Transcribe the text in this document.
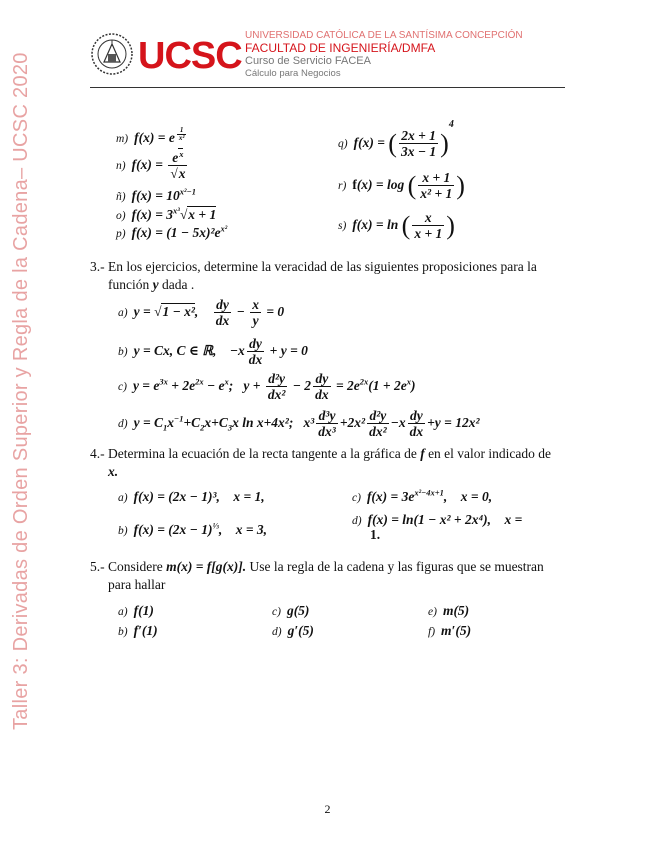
Taller 3: Derivadas de Orden Superior y Regla de la Cadena– UCSC 2020	UCSC UNIVERSIDAD CATÓLICA DE LA SANTÍSIMA CONCEPCIÓN
FACULTAD DE INGENIERÍA/DMFA
Curso de Servicio FACEA
Cálculo para Negocios
m) f(x) = e $^{\frac{1}{\text{x²}}}$
n) $f(x) = \frac{e^x}{√x}$
ñ) $f(x) = 10^{x^2-1}$
o) $f(x) = 3^{x^3}√x + 1$
p) $f(x) = (1 - 5x)^2e^{x^2}$
q) f(x) = ( $\frac{2x + 1}{3x - 1} )^4$
r) f(x) = log ( $\frac{x + 1}{\text{x² + 1}}$ )
s) f(x) = ln ( $\frac{x}{x + 1}$ )
3.- En los ejercicios, determine la veracidad de las siguientes proposiciones para la
función y dada .
a) y = √1 − x², $\frac{dy}{dx} - \frac{x}{y} = 0$
b) y = Cx, C ∈ ℝ,    $-x \frac{dy}{dx} + y = 0$
c) $y = e^{3x} + 2e^{2x} - e^x$;   $y + \frac{\text{d²y}}{\text{dx²}} - 2 \frac{dy}{dx} = 2e^{2x}(1 + 2e^x)$
d) $y = C_1x^{-1}+C_2x+C_3x$ ln x+4x²;   $x^3 \frac{\text{d³y}}{\text{dx³}} +2x^2 \frac{\text{d²y}}{\text{dx²}} -x \frac{dy}{dx} +y = 12x^2$
4.- Determina la ecuación de la recta tangente a la gráfica de f en el valor indicado de
x.
a) f(x) = (2x − 1)³,    x = 1,
b) $f(x) = (2x - 1)^{\frac{1}{3}}$,    x = 3,
c) $f(x) = 3e^{x^2-4x+1}$,    x = 0,
d) f(x) = ln(1 − x² + 2x⁴),    x =
1.
5.- Considere m(x) = f[g(x)]. Use la regla de la cadena y las figuras que se muestran
para hallar
a) f(1)
b) f′(1)
c) g(5)
d) g′(5)
e) m(5)
f) m′(5)
2
